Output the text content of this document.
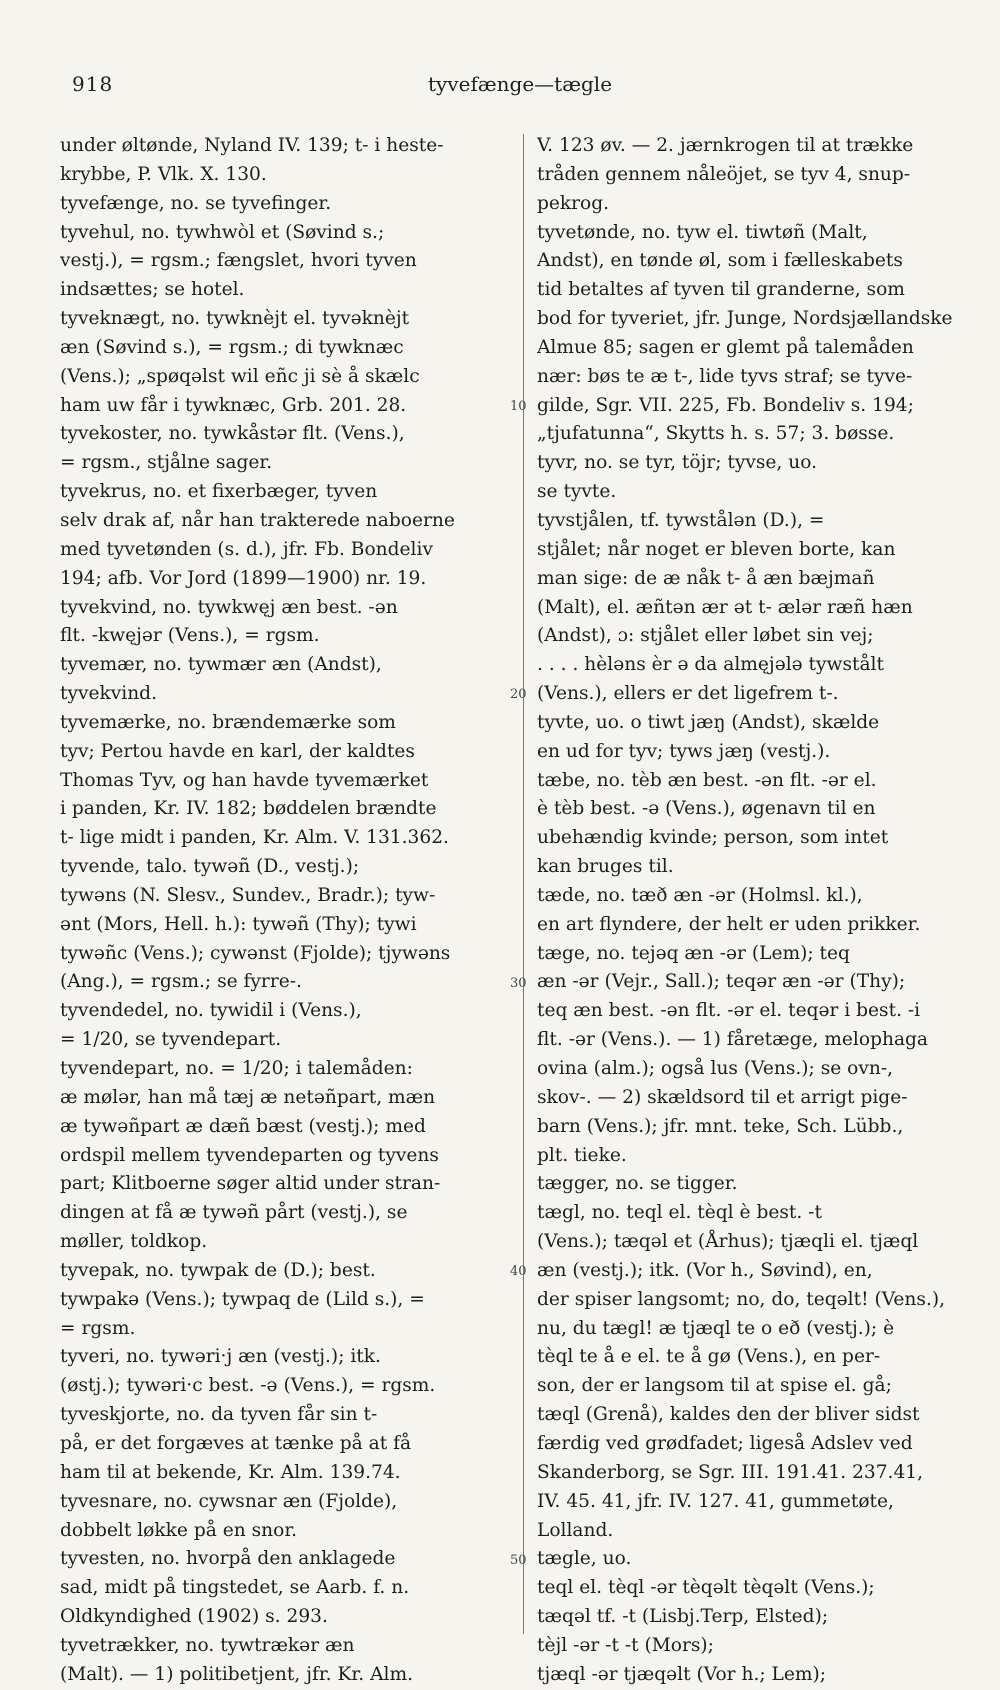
918	tyvefænge—tægle
under øltønde, Nyland IV. 139; t- i heste-
krybbe, P. Vlk. X. 130.
tyvefænge, no. se tyvefinger.
tyvehul, no. tywhwòl et (Søvind s.;
vestj.), = rgsm.; fængslet, hvori tyven
indsættes; se hotel.
tyveknægt, no. tywknèjt el. tyvəknèjt
æn (Søvind s.), = rgsm.; di tywknæc
(Vens.); „spøqəlst wil eñc ji sè å skælc
ham uw får i tywknæc, Grb. 201. 28.
tyvekoster, no. tywkåstər flt. (Vens.),
= rgsm., stjålne sager.
tyvekrus, no. et fixerbæger, tyven
selv drak af, når han trakterede naboerne
med tyvetønden (s. d.), jfr. Fb. Bondeliv
194; afb. Vor Jord (1899—1900) nr. 19.
tyvekvind, no. tywkwęj æn best. -ən
flt. -kwęjər (Vens.), = rgsm.
tyvemær, no. tywmær æn (Andst),
tyvekvind.
tyvemærke, no. brændemærke som
tyv; Pertou havde en karl, der kaldtes
Thomas Tyv, og han havde tyvemærket
i panden, Kr. IV. 182; bøddelen brændte
t- lige midt i panden, Kr. Alm. V. 131.362.
tyvende, talo. tywəñ (D., vestj.);
tywəns (N. Slesv., Sundev., Bradr.); tyw-
ənt (Mors, Hell. h.): tywəñ (Thy); tywi
tywəñc (Vens.); cywənst (Fjolde); tjywəns
(Ang.), = rgsm.; se fyrre-.
tyvendedel, no. tywidil i (Vens.),
= 1/20, se tyvendepart.
tyvendepart, no. = 1/20; i talemåden:
æ mølər, han må tæj æ netəñpart, mæn
æ tywəñpart æ dæñ bæst (vestj.); med
ordspil mellem tyvendeparten og tyvens
part; Klitboerne søger altid under stran-
dingen at få æ tywəñ pårt (vestj.), se
møller, toldkop.
tyvepak, no. tywpak de (D.); best.
tywpakə (Vens.); tywpaq de (Lild s.), =
= rgsm.
tyveri, no. tywəri·j æn (vestj.); itk.
(østj.); tywəri·c best. -ə (Vens.), = rgsm.
tyveskjorte, no. da tyven får sin t-
på, er det forgæves at tænke på at få
ham til at bekende, Kr. Alm. 139.74.
tyvesnare, no. cywsnar æn (Fjolde),
dobbelt løkke på en snor.
tyvesten, no. hvorpå den anklagede
sad, midt på tingstedet, se Aarb. f. n.
Oldkyndighed (1902) s. 293.
tyvetrækker, no. tywtrækər æn
(Malt). — 1) politibetjent, jfr. Kr. Alm.
V. 123 øv. — 2. jærnkrogen til at trække
tråden gennem nåleöjet, se tyv 4, snup-
pekrog.
tyvetønde, no. tyw el. tiwtøñ (Malt,
Andst), en tønde øl, som i fælleskabets
tid betaltes af tyven til granderne, som
bod for tyveriet, jfr. Junge, Nordsjællandske
Almue 85; sagen er glemt på talemåden
nær: bøs te æ t-, lide tyvs straf; se tyve-
gilde, Sgr. VII. 225, Fb. Bondeliv s. 194;
„tjufatunna“, Skytts h. s. 57; 3. bøsse.
tyvr, no. se tyr, töjr; tyvse, uo.
se tyvte.
tyvstjålen, tf. tywstålən (D.), =
stjålet; når noget er bleven borte, kan
man sige: de æ nåk t- å æn bæjmañ
(Malt), el. æñtən ær ət t- ælər ræñ hæn
(Andst), ɔ: stjålet eller løbet sin vej;
. . . . hèləns èr ə da almęjələ tywstålt
(Vens.), ellers er det ligefrem t-.
tyvte, uo. o tiwt jæŋ (Andst), skælde
en ud for tyv; tyws jæŋ (vestj.).
tæbe, no. tèb æn best. -ən flt. -ər el.
è tèb best. -ə (Vens.), øgenavn til en
ubehændig kvinde; person, som intet
kan bruges til.
tæde, no. tæð æn -ər (Holmsl. kl.),
en art flyndere, der helt er uden prikker.
tæge, no. tejəq æn -ər (Lem); teq
æn -ər (Vejr., Sall.); teqər æn -ər (Thy);
teq æn best. -ən flt. -ər el. teqər i best. -i
flt. -ər (Vens.). — 1) fåretæge, melophaga
ovina (alm.); også lus (Vens.); se ovn-,
skov-. — 2) skældsord til et arrigt pige-
barn (Vens.); jfr. mnt. teke, Sch. Lübb.,
plt. tieke.
tægger, no. se tigger.
tægl, no. teql el. tèql è best. -t
(Vens.); tæqəl et (Århus); tjæqli el. tjæql
æn (vestj.); itk. (Vor h., Søvind), en,
der spiser langsomt; no, do, teqəlt! (Vens.),
nu, du tægl! æ tjæql te o eð (vestj.); è
tèql te å e el. te å gø (Vens.), en per-
son, der er langsom til at spise el. gå;
tæql (Grenå), kaldes den der bliver sidst
færdig ved grødfadet; ligeså Adslev ved
Skanderborg, se Sgr. III. 191.41. 237.41,
IV. 45. 41, jfr. IV. 127. 41, gummetøte,
Lolland.
tægle, uo.
teql el. tèql -ər tèqəlt tèqəlt (Vens.);
tæqəl tf. -t (Lisbj.Terp, Elsted);
tèjl -ər -t -t (Mors);
tjæql -ər tjæqəlt (Vor h.; Lem);
10
20
30
40
50
